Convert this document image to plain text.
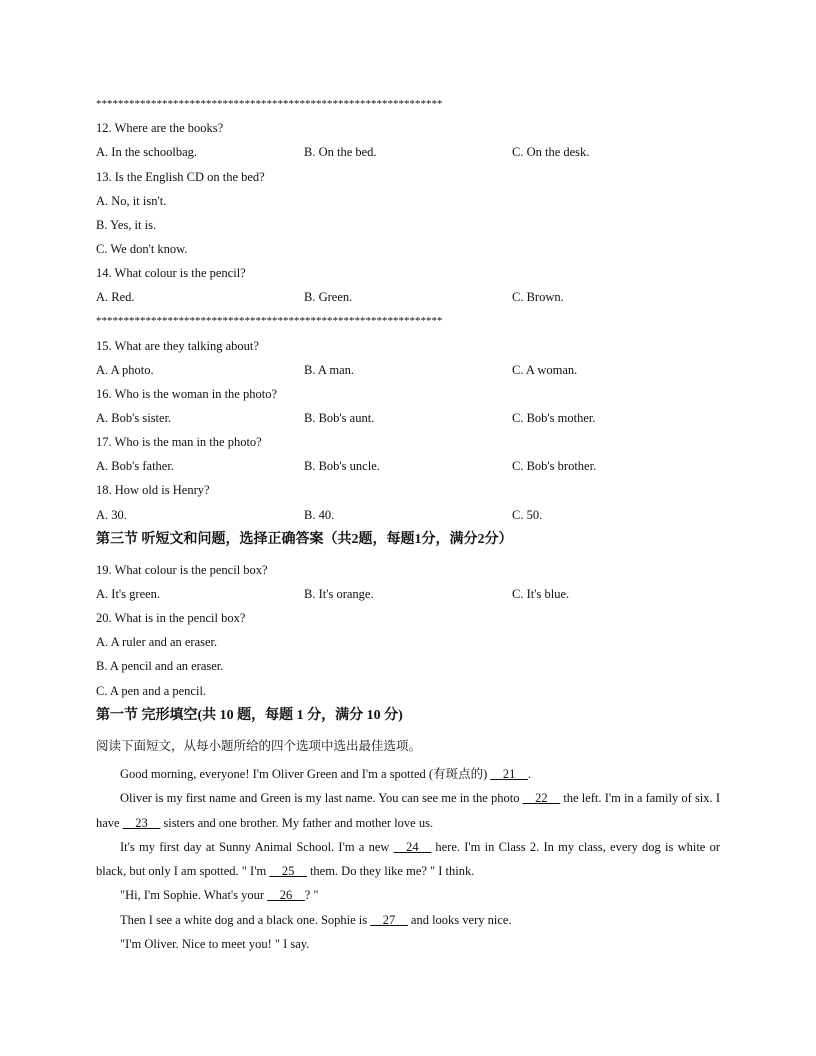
***************************************************************
12. Where are the books?
A. In the schoolbag.	B. On the bed.	C. On the desk.
13. Is the English CD on the bed?
A. No, it isn't.
B. Yes, it is.
C. We don't know.
14. What colour is the pencil?
A. Red.	B. Green.	C. Brown.
***************************************************************
15. What are they talking about?
A. A photo.	B. A man.	C. A woman.
16. Who is the woman in the photo?
A. Bob's sister.	B. Bob's aunt.	C. Bob's mother.
17. Who is the man in the photo?
A. Bob's father.	B. Bob's uncle.	C. Bob's brother.
18. How old is Henry?
A. 30.	B. 40.	C. 50.
第三节 听短文和问题，选择正确答案（共2题，每题1分，满分2分）
19. What colour is the pencil box?
A. It's green.	B. It's orange.	C. It's blue.
20. What is in the pencil box?
A. A ruler and an eraser.
B. A pencil and an eraser.
C. A pen and a pencil.
第一节 完形填空(共 10 题，每题 1 分，满分 10 分)
阅读下面短文，从每小题所给的四个选项中选出最佳选项。
Good morning, everyone! I'm Oliver Green and I'm a spotted (有斑点的) __21__.
Oliver is my first name and Green is my last name. You can see me in the photo __22__ the left. I'm in a family of six. I have __23__ sisters and one brother. My father and mother love us.
It's my first day at Sunny Animal School. I'm a new __24__ here. I'm in Class 2. In my class, every dog is white or black, but only I am spotted. " I'm __25__ them. Do they like me? " I think.
"Hi, I'm Sophie. What's your __26__? "
Then I see a white dog and a black one. Sophie is __27__ and looks very nice.
"I'm Oliver. Nice to meet you! " I say.
